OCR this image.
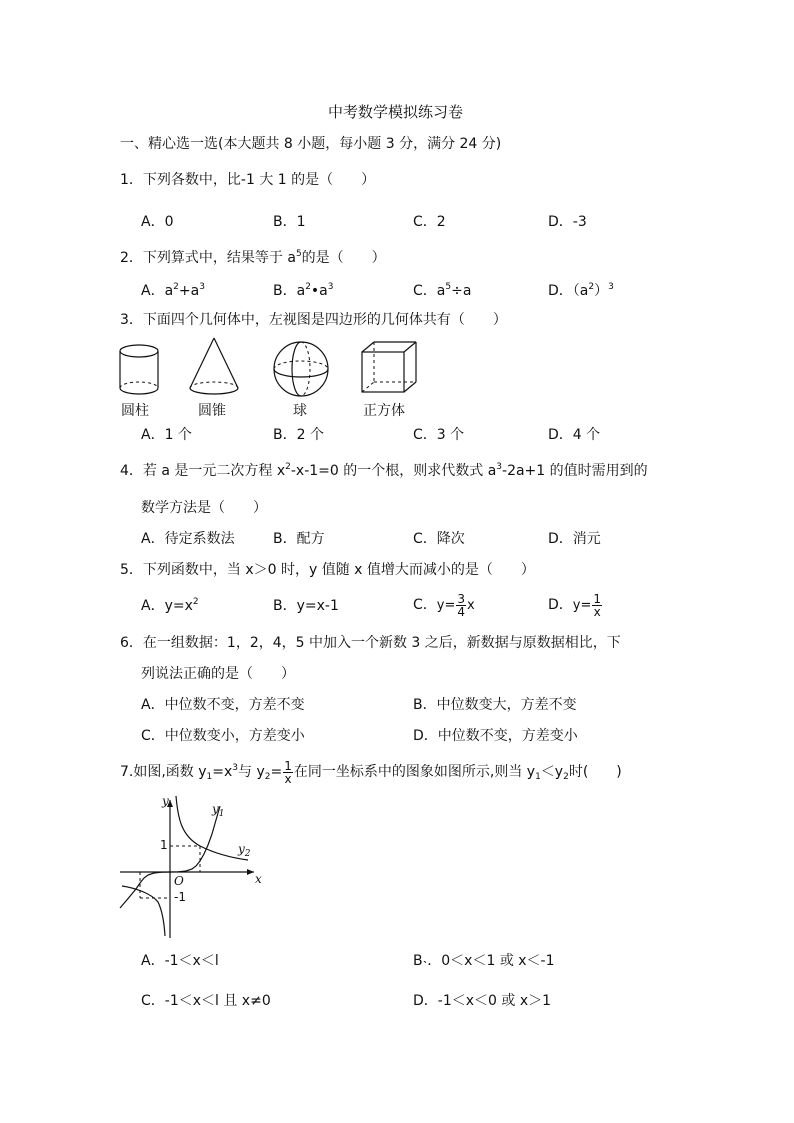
中考数学模拟练习卷
一、精心选一选(本大题共 8 小题，每小题 3 分，满分 24 分)
1．下列各数中，比-1 大 1 的是（　　）
A．0	B．1	C．2	D．-3
2．下列算式中，结果等于 $a^5$的是（　　）
A．$a^2+a^3$	B．$a^2•a^3$	C．$a^5\div a$	D．$(a^2)^3$
3．下面四个几何体中，左视图是四边形的几何体共有（　　）
圆柱	圆锥	球	正方体
A．1 个	B．2 个	C．3 个	D．4 个
4．若 a 是一元二次方程 $x^2-x-1=0$ 的一个根，则求代数式 $a^3-2a+1$ 的值时需用到的
数学方法是（　　）
A．待定系数法	B．配方	C．降次	D．消元
5．下列函数中，当 x＞0 时，y 值随 x 值增大而减小的是（　　）
A．$y=x^2$	B．y=x-1	C．$y= \frac{3}{4}$ x	D．$y= \frac{1}{x}$
6．在一组数据：1，2，4，5 中加入一个新数 3 之后，新数据与原数据相比，下
列说法正确的是（　　）
A．中位数不变，方差不变	B．中位数变大，方差不变
C．中位数变小，方差变小	D．中位数不变，方差变小
7.如图,函数 $y_1=x^3$与 $y_2= \frac{1}{x}$ 在同一坐标系中的图象如图所示,则当 $y_1<y_2$时(　　)
y
x
O
1
-1
$y_1$
$y_2$
A．-1＜x＜l	B˴．0＜x＜1 或 x＜-1
C．-1＜x＜l 且 x≠0	D．-1＜x＜0 或 x＞1
